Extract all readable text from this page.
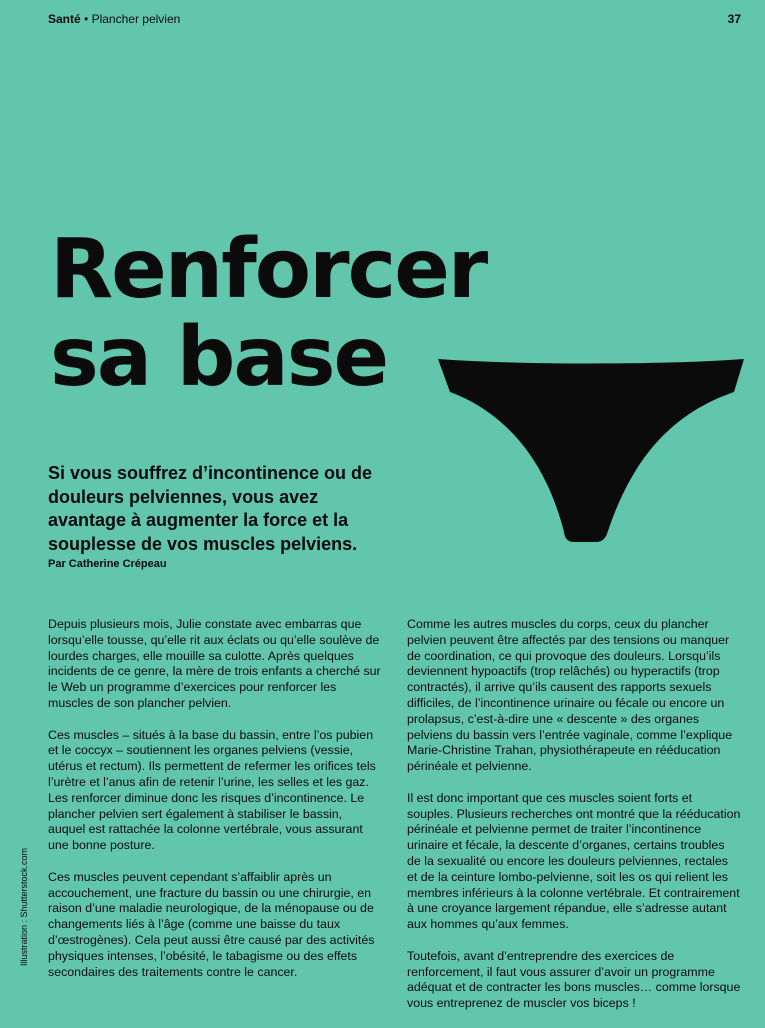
Santé • Plancher pelvien	37
Renforcer
sa base

Si vous souffrez d’incontinence ou de douleurs pelviennes, vous avez avantage à augmenter la force et la souplesse de vos muscles pelviens.

Par Catherine Crépeau

Depuis plusieurs mois, Julie constate avec embarras que lorsqu’elle tousse, qu’elle rit aux éclats ou qu’elle soulève de lourdes charges, elle mouille sa culotte. Après quelques incidents de ce genre, la mère de trois enfants a cherché sur le Web un programme d’exercices pour renforcer les muscles de son plancher pelvien.

Ces muscles – situés à la base du bassin, entre l’os pubien et le coccyx – soutiennent les organes pelviens (vessie, utérus et rectum). Ils permettent de refermer les orifices tels l’urètre et l’anus afin de retenir l’urine, les selles et les gaz. Les renforcer diminue donc les risques d’incontinence. Le plancher pelvien sert également à stabiliser le bassin, auquel est rattachée la colonne vertébrale, vous assurant une bonne posture.

Ces muscles peuvent cependant s’affaiblir après un accouchement, une fracture du bassin ou une chirurgie, en raison d’une maladie neurologique, de la ménopause ou de changements liés à l’âge (comme une baisse du taux d’œstrogènes). Cela peut aussi être causé par des activités physiques intenses, l’obésité, le tabagisme ou des effets secondaires des traitements contre le cancer.

Comme les autres muscles du corps, ceux du plancher pelvien peuvent être affectés par des tensions ou manquer de coordination, ce qui provoque des douleurs. Lorsqu’ils deviennent hypoactifs (trop relâchés) ou hyperactifs (trop contractés), il arrive qu’ils causent des rapports sexuels difficiles, de l’incontinence urinaire ou fécale ou encore un prolapsus, c’est-à-dire une « descente » des organes pelviens du bassin vers l’entrée vaginale, comme l’explique Marie-Christine Trahan, physiothérapeute en rééducation périnéale et pelvienne.

Il est donc important que ces muscles soient forts et souples. Plusieurs recherches ont montré que la rééducation périnéale et pelvienne permet de traiter l’incontinence urinaire et fécale, la descente d’organes, certains troubles de la sexualité ou encore les douleurs pelviennes, rectales et de la ceinture lombo-pelvienne, soit les os qui relient les membres inférieurs à la colonne vertébrale. Et contrairement à une croyance largement répandue, elle s’adresse autant aux hommes qu’aux femmes.

Toutefois, avant d’entreprendre des exercices de renforcement, il faut vous assurer d’avoir un programme adéquat et de contracter les bons muscles… comme lorsque vous entreprenez de muscler vos biceps !

Illustration : Shutterstock.com
